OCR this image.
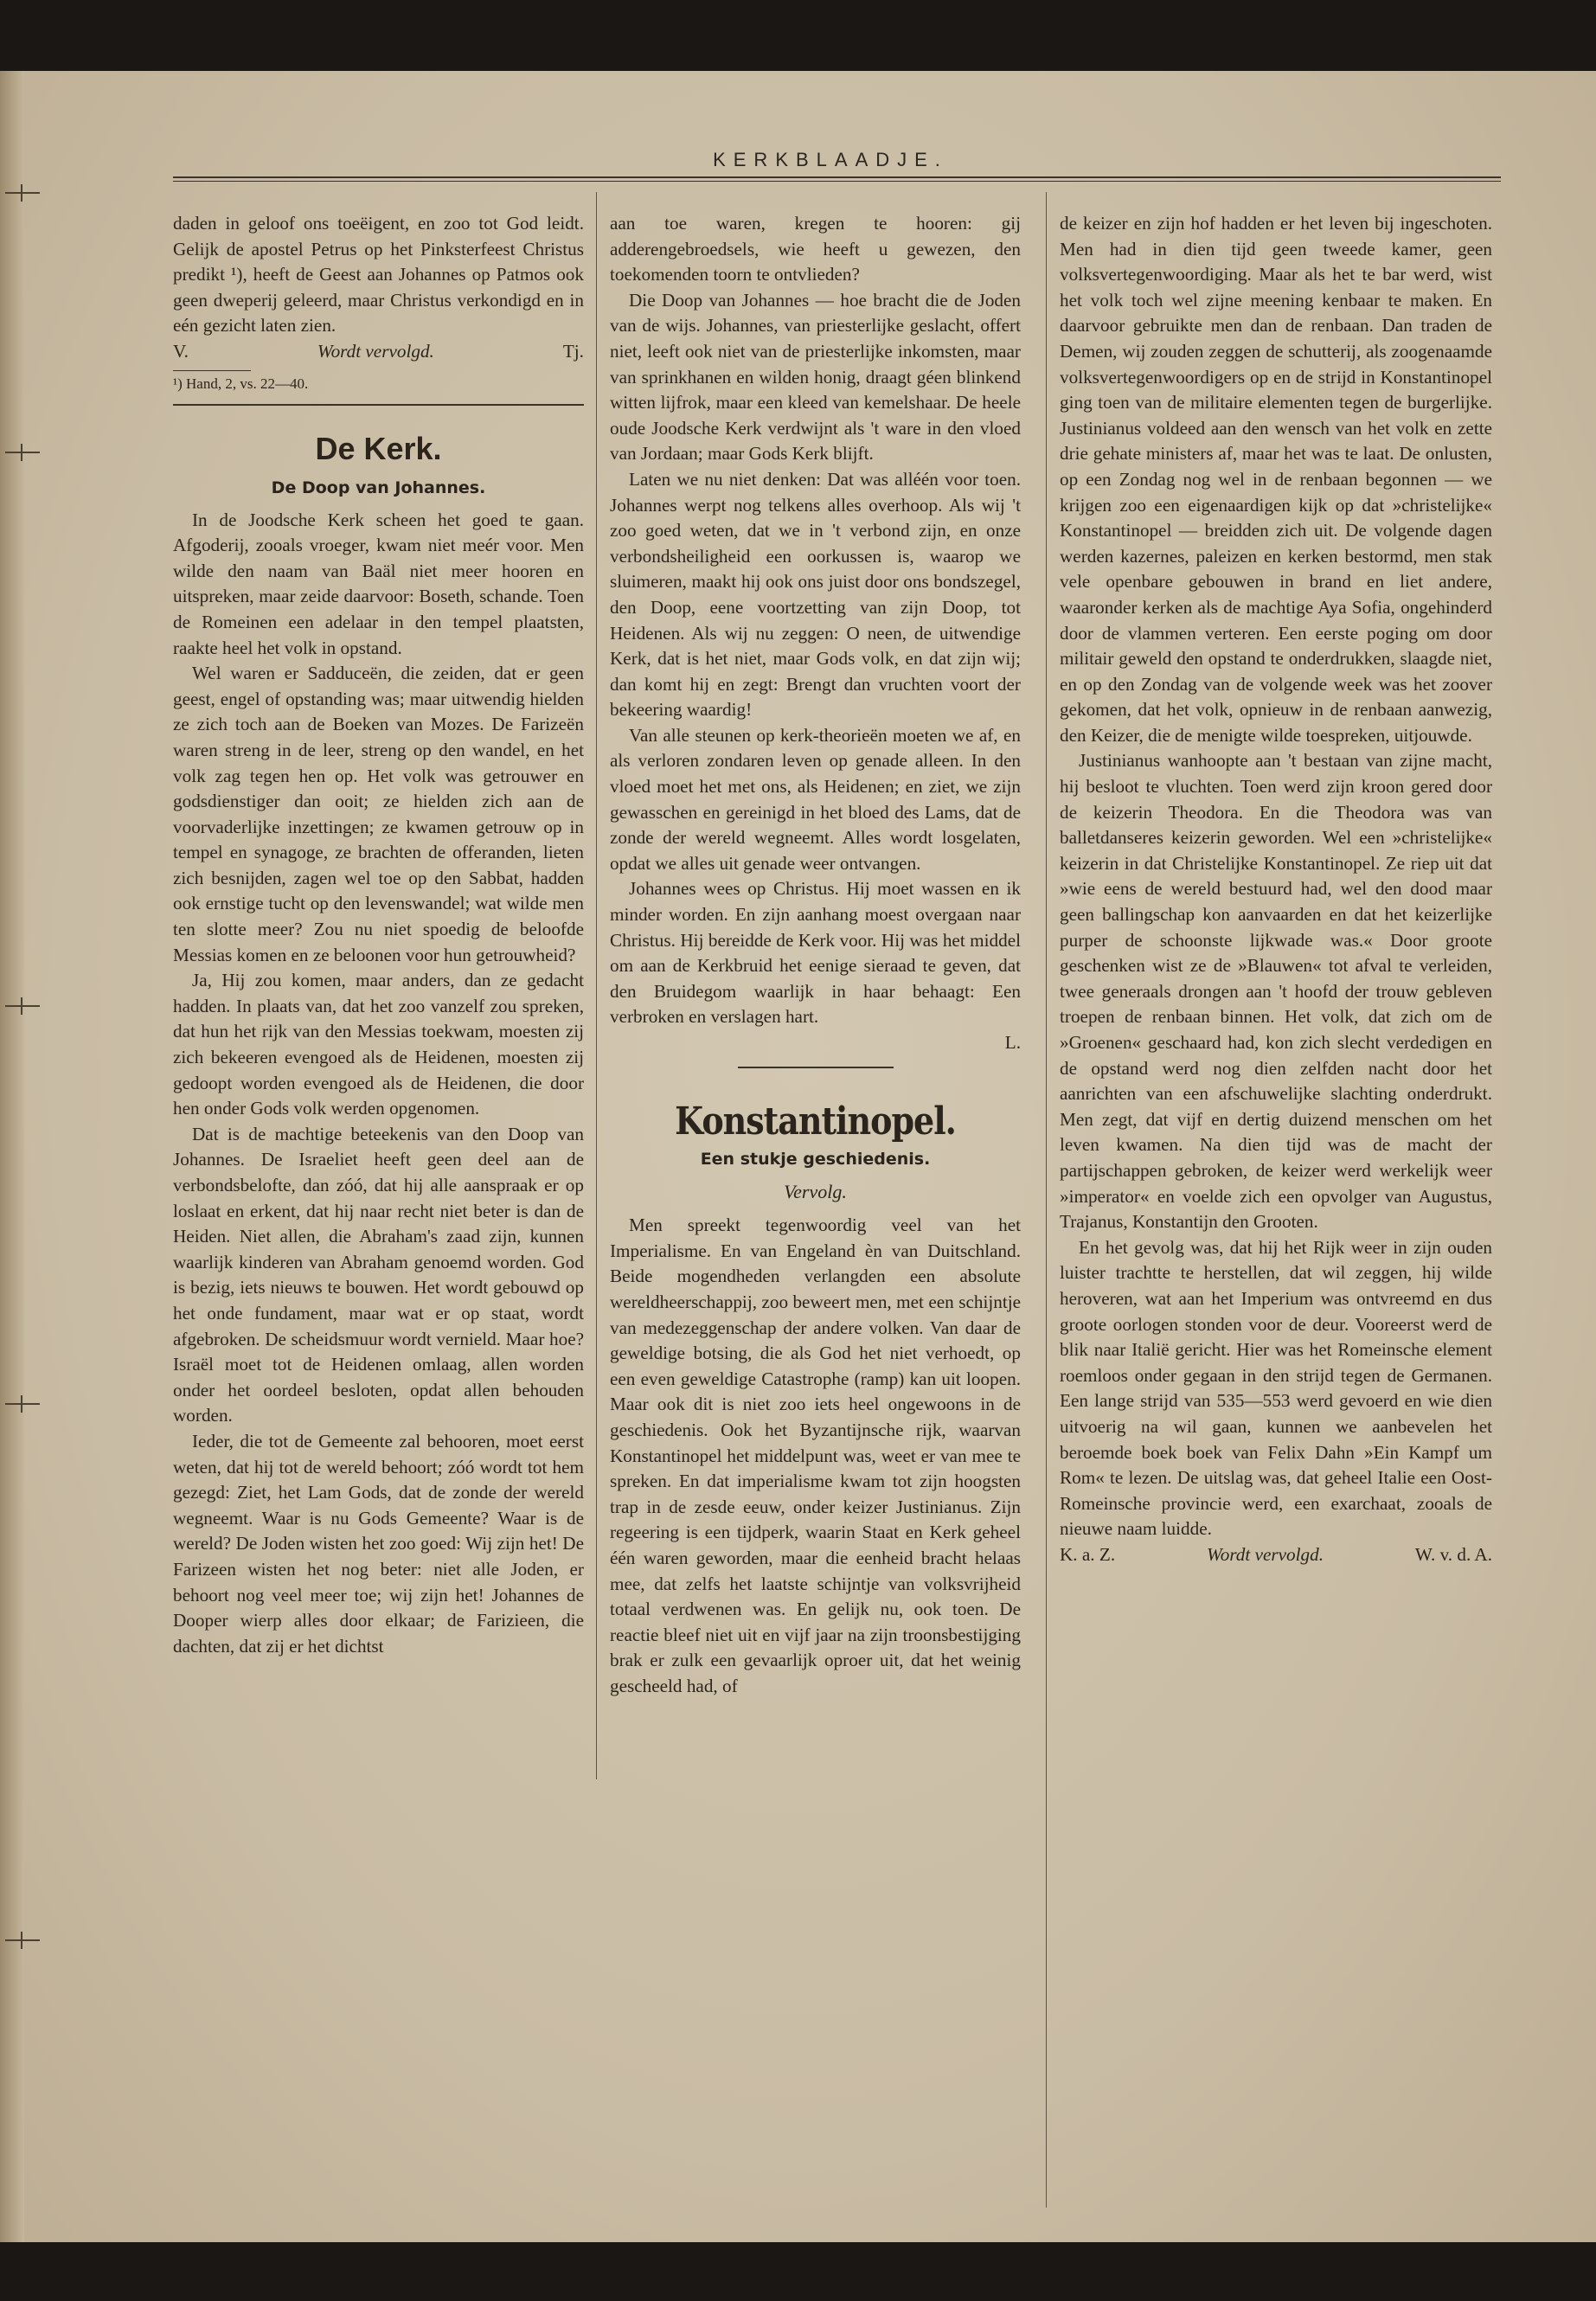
KERKBLAADJE.

daden in geloof ons toeëigent, en zoo tot God leidt. Gelijk de apostel Petrus op het Pinksterfeest Christus predikt ¹), heeft de Geest aan Johannes op Patmos ook geen dweperij geleerd, maar Christus verkondigd en in eén gezicht laten zien.

V.	Wordt vervolgd.	Tj.
¹) Hand, 2, vs. 22—40.
De Kerk.
De Doop van Johannes.

In de Joodsche Kerk scheen het goed te gaan. Afgoderij, zooals vroeger, kwam niet meér voor. Men wilde den naam van Baäl niet meer hooren en uitspreken, maar zeide daarvoor: Boseth, schande. Toen de Romeinen een adelaar in den tempel plaatsten, raakte heel het volk in opstand.

Wel waren er Sadduceën, die zeiden, dat er geen geest, engel of opstanding was; maar uitwendig hielden ze zich toch aan de Boeken van Mozes. De Farizeën waren streng in de leer, streng op den wandel, en het volk zag tegen hen op. Het volk was getrouwer en godsdienstiger dan ooit; ze hielden zich aan de voorvaderlijke inzettingen; ze kwamen getrouw op in tempel en synagoge, ze brachten de offeranden, lieten zich besnijden, zagen wel toe op den Sabbat, hadden ook ernstige tucht op den levenswandel; wat wilde men ten slotte meer? Zou nu niet spoedig de beloofde Messias komen en ze beloonen voor hun getrouwheid?

Ja, Hij zou komen, maar anders, dan ze gedacht hadden. In plaats van, dat het zoo vanzelf zou spreken, dat hun het rijk van den Messias toekwam, moesten zij zich bekeeren evengoed als de Heidenen, moesten zij gedoopt worden evengoed als de Heidenen, die door hen onder Gods volk werden opgenomen.

Dat is de machtige beteekenis van den Doop van Johannes. De Israeliet heeft geen deel aan de verbondsbelofte, dan zóó, dat hij alle aanspraak er op loslaat en erkent, dat hij naar recht niet beter is dan de Heiden. Niet allen, die Abraham's zaad zijn, kunnen waarlijk kinderen van Abraham genoemd worden. God is bezig, iets nieuws te bouwen. Het wordt gebouwd op het onde fundament, maar wat er op staat, wordt afgebroken. De scheidsmuur wordt vernield. Maar hoe? Israël moet tot de Heidenen omlaag, allen worden onder het oordeel besloten, opdat allen behouden worden.

Ieder, die tot de Gemeente zal behooren, moet eerst weten, dat hij tot de wereld behoort; zóó wordt tot hem gezegd: Ziet, het Lam Gods, dat de zonde der wereld wegneemt. Waar is nu Gods Gemeente? Waar is de wereld? De Joden wisten het zoo goed: Wij zijn het! De Farizeen wisten het nog beter: niet alle Joden, er behoort nog veel meer toe; wij zijn het! Johannes de Dooper wierp alles door elkaar; de Farizieen, die dachten, dat zij er het dichtst

aan toe waren, kregen te hooren: gij adderengebroedsels, wie heeft u gewezen, den toekomenden toorn te ontvlieden?

Die Doop van Johannes — hoe bracht die de Joden van de wijs. Johannes, van priesterlijke geslacht, offert niet, leeft ook niet van de priesterlijke inkomsten, maar van sprinkhanen en wilden honig, draagt géen blinkend witten lijfrok, maar een kleed van kemelshaar. De heele oude Joodsche Kerk verdwijnt als 't ware in den vloed van Jordaan; maar Gods Kerk blijft.

Laten we nu niet denken: Dat was alléén voor toen. Johannes werpt nog telkens alles overhoop. Als wij 't zoo goed weten, dat we in 't verbond zijn, en onze verbondsheiligheid een oorkussen is, waarop we sluimeren, maakt hij ook ons juist door ons bondszegel, den Doop, eene voortzetting van zijn Doop, tot Heidenen. Als wij nu zeggen: O neen, de uitwendige Kerk, dat is het niet, maar Gods volk, en dat zijn wij; dan komt hij en zegt: Brengt dan vruchten voort der bekeering waardig!

Van alle steunen op kerk-theorieën moeten we af, en als verloren zondaren leven op genade alleen. In den vloed moet het met ons, als Heidenen; en ziet, we zijn gewasschen en gereinigd in het bloed des Lams, dat de zonde der wereld wegneemt. Alles wordt losgelaten, opdat we alles uit genade weer ontvangen.

Johannes wees op Christus. Hij moet wassen en ik minder worden. En zijn aanhang moest overgaan naar Christus. Hij bereidde de Kerk voor. Hij was het middel om aan de Kerkbruid het eenige sieraad te geven, dat den Bruidegom waarlijk in haar behaagt: Een verbroken en verslagen hart.

L.
Konstantinopel.
Een stukje geschiedenis.
Vervolg.

Men spreekt tegenwoordig veel van het Imperialisme. En van Engeland èn van Duitschland. Beide mogendheden verlangden een absolute wereldheerschappij, zoo beweert men, met een schijntje van medezeggenschap der andere volken. Van daar de geweldige botsing, die als God het niet verhoedt, op een even geweldige Catastrophe (ramp) kan uit loopen. Maar ook dit is niet zoo iets heel ongewoons in de geschiedenis. Ook het Byzantijnsche rijk, waarvan Konstantinopel het middelpunt was, weet er van mee te spreken. En dat imperialisme kwam tot zijn hoogsten trap in de zesde eeuw, onder keizer Justinianus. Zijn regeering is een tijdperk, waarin Staat en Kerk geheel één waren geworden, maar die eenheid bracht helaas mee, dat zelfs het laatste schijntje van volksvrijheid totaal verdwenen was. En gelijk nu, ook toen. De reactie bleef niet uit en vijf jaar na zijn troonsbestijging brak er zulk een gevaarlijk oproer uit, dat het weinig gescheeld had, of

de keizer en zijn hof hadden er het leven bij ingeschoten. Men had in dien tijd geen tweede kamer, geen volksvertegenwoordiging. Maar als het te bar werd, wist het volk toch wel zijne meening kenbaar te maken. En daarvoor gebruikte men dan de renbaan. Dan traden de Demen, wij zouden zeggen de schutterij, als zoogenaamde volksvertegenwoordigers op en de strijd in Konstantinopel ging toen van de militaire elementen tegen de burgerlijke. Justinianus voldeed aan den wensch van het volk en zette drie gehate ministers af, maar het was te laat. De onlusten, op een Zondag nog wel in de renbaan begonnen — we krijgen zoo een eigenaardigen kijk op dat »christelijke« Konstantinopel — breidden zich uit. De volgende dagen werden kazernes, paleizen en kerken bestormd, men stak vele openbare gebouwen in brand en liet andere, waaronder kerken als de machtige Aya Sofia, ongehinderd door de vlammen verteren. Een eerste poging om door militair geweld den opstand te onderdrukken, slaagde niet, en op den Zondag van de volgende week was het zoover gekomen, dat het volk, opnieuw in de renbaan aanwezig, den Keizer, die de menigte wilde toespreken, uitjouwde.

Justinianus wanhoopte aan 't bestaan van zijne macht, hij besloot te vluchten. Toen werd zijn kroon gered door de keizerin Theodora. En die Theodora was van balletdanseres keizerin geworden. Wel een »christelijke« keizerin in dat Christelijke Konstantinopel. Ze riep uit dat »wie eens de wereld bestuurd had, wel den dood maar geen ballingschap kon aanvaarden en dat het keizerlijke purper de schoonste lijkwade was.« Door groote geschenken wist ze de »Blauwen« tot afval te verleiden, twee generaals drongen aan 't hoofd der trouw gebleven troepen de renbaan binnen. Het volk, dat zich om de »Groenen« geschaard had, kon zich slecht verdedigen en de opstand werd nog dien zelfden nacht door het aanrichten van een afschuwelijke slachting onderdrukt. Men zegt, dat vijf en dertig duizend menschen om het leven kwamen. Na dien tijd was de macht der partijschappen gebroken, de keizer werd werkelijk weer »imperator« en voelde zich een opvolger van Augustus, Trajanus, Konstantijn den Grooten.

En het gevolg was, dat hij het Rijk weer in zijn ouden luister trachtte te herstellen, dat wil zeggen, hij wilde heroveren, wat aan het Imperium was ontvreemd en dus groote oorlogen stonden voor de deur. Vooreerst werd de blik naar Italië gericht. Hier was het Romeinsche element roemloos onder gegaan in den strijd tegen de Germanen. Een lange strijd van 535—553 werd gevoerd en wie dien uitvoerig na wil gaan, kunnen we aanbevelen het beroemde boek boek van Felix Dahn »Ein Kampf um Rom« te lezen. De uitslag was, dat geheel Italie een Oost-Romeinsche provincie werd, een exarchaat, zooals de nieuwe naam luidde.

K. a. Z.	Wordt vervolgd.	W. v. d. A.
